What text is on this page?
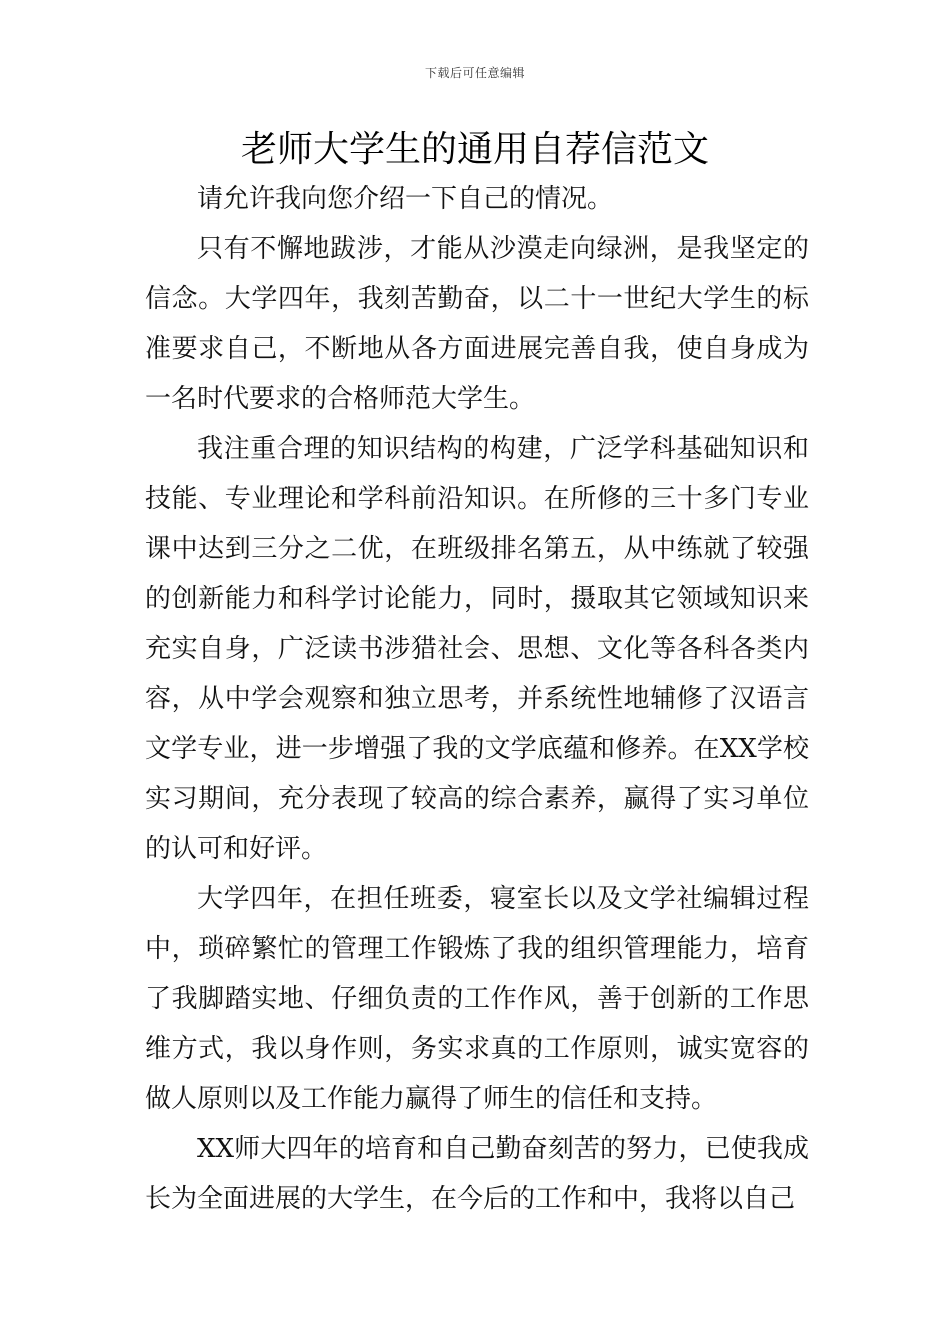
下载后可任意编辑
老师大学生的通用自荐信范文

请允许我向您介绍一下自己的情况。

只有不懈地跋涉，才能从沙漠走向绿洲，是我坚定的信念。大学四年，我刻苦勤奋，以二十一世纪大学生的标准要求自己，不断地从各方面进展完善自我，使自身成为一名时代要求的合格师范大学生。

我注重合理的知识结构的构建，广泛学科基础知识和技能、专业理论和学科前沿知识。在所修的三十多门专业课中达到三分之二优，在班级排名第五，从中练就了较强的创新能力和科学讨论能力，同时，摄取其它领域知识来充实自身，广泛读书涉猎社会、思想、文化等各科各类内容，从中学会观察和独立思考，并系统性地辅修了汉语言文学专业，进一步增强了我的文学底蕴和修养。在XX学校实习期间，充分表现了较高的综合素养，赢得了实习单位的认可和好评。

大学四年，在担任班委，寝室长以及文学社编辑过程中，琐碎繁忙的管理工作锻炼了我的组织管理能力，培育了我脚踏实地、仔细负责的工作作风，善于创新的工作思维方式，我以身作则，务实求真的工作原则，诚实宽容的做人原则以及工作能力赢得了师生的信任和支持。

XX师大四年的培育和自己勤奋刻苦的努力，已使我成长为全面进展的大学生，在今后的工作和中，我将以自己
